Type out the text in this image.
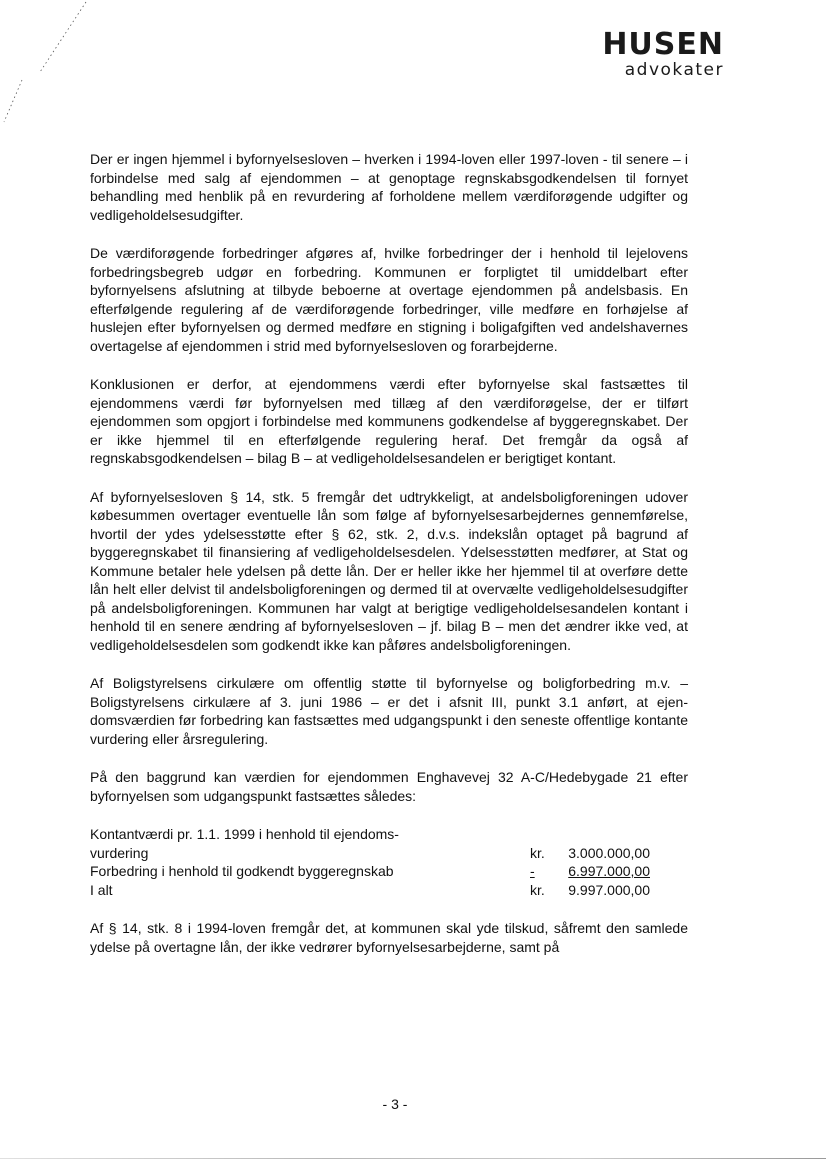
HUSEN
advokater

Der er ingen hjemmel i byfornyelsesloven – hverken i 1994-loven eller 1997-loven - til senere – i forbindelse med salg af ejendommen – at genoptage regnskabsgodkendelsen til fornyet behandling med henblik på en revurdering af forholdene mellem værdiforøgende udgifter og vedligeholdelsesudgifter.

De værdiforøgende forbedringer afgøres af, hvilke forbedringer der i henhold til lejelovens forbedringsbegreb udgør en forbedring. Kommunen er forpligtet til umiddelbart efter byfornyelsens afslutning at tilbyde beboerne at overtage ejendommen på andelsbasis. En efterfølgende regulering af de værdiforøgende forbedringer, ville medføre en forhøjelse af huslejen efter byfornyelsen og dermed medføre en stigning i boligafgiften ved andelshavernes overtagelse af ejendommen i strid med byfornyelsesloven og forarbejderne.

Konklusionen er derfor, at ejendommens værdi efter byfornyelse skal fastsættes til ejendommens værdi før byfornyelsen med tillæg af den værdiforøgelse, der er tilført ejendommen som opgjort i forbindelse med kommunens godkendelse af byggeregnskabet. Der er ikke hjemmel til en efterfølgende regulering heraf. Det fremgår da også af regnskabsgodkendelsen – bilag B – at vedligeholdelsesandelen er berigtiget kontant.

Af byfornyelsesloven § 14, stk. 5 fremgår det udtrykkeligt, at andelsboligforeningen udover købesummen overtager eventuelle lån som følge af byfornyelsesarbejdernes gennemførelse, hvortil der ydes ydelsesstøtte efter § 62, stk. 2, d.v.s. indekslån optaget på bagrund af byggeregnskabet til finansiering af vedligeholdelsesdelen. Ydelsesstøtten medfører, at Stat og Kommune betaler hele ydelsen på dette lån. Der er heller ikke her hjemmel til at overføre dette lån helt eller delvist til andelsboligforeningen og dermed til at overvælte vedligeholdelsesudgifter på andelsboligforeningen. Kommunen har valgt at berigtige vedligeholdelsesandelen kontant i henhold til en senere ændring af byfornyelsesloven – jf. bilag B – men det ændrer ikke ved, at vedligeholdelsesdelen som godkendt ikke kan påføres andelsboligforeningen.

Af Boligstyrelsens cirkulære om offentlig støtte til byfornyelse og boligforbedring m.v. – Boligstyrelsens cirkulære af 3. juni 1986 – er det i afsnit III, punkt 3.1 anført, at ejendomsværdien før forbedring kan fastsættes med udgangspunkt i den seneste offentlige kontante vurdering eller årsregulering.

På den baggrund kan værdien for ejendommen Enghavevej 32 A-C/Hedebygade 21 efter byfornyelsen som udgangspunkt fastsættes således:

Kontantværdi pr. 1.1. 1999 i henhold til ejendoms-
vurdering	kr.	3.000.000,00
Forbedring i henhold til godkendt byggeregnskab	-	6.997.000,00
I alt	kr.	9.997.000,00

Af § 14, stk. 8 i 1994-loven fremgår det, at kommunen skal yde tilskud, såfremt den samlede ydelse på overtagne lån, der ikke vedrører byfornyelsesarbejderne, samt på

- 3 -
